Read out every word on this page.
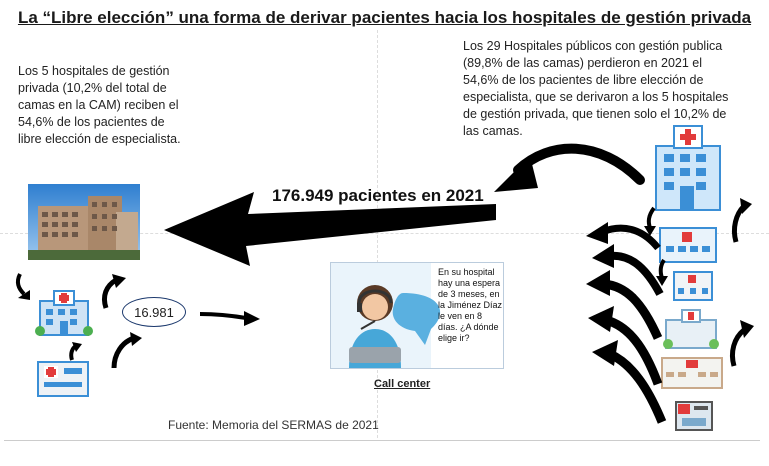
La “Libre elección” una forma de derivar pacientes hacia los hospitales de gestión privada
Los 5 hospitales de gestión privada (10,2% del total de camas en la CAM) reciben el 54,6% de los pacientes de libre elección de especialista.
Los 29 Hospitales públicos con gestión publica (89,8% de las camas) perdieron en 2021 el 54,6% de los pacientes de libre elección de especialista, que se derivaron a los 5 hospitales de gestión privada, que tienen solo el 10,2% de las camas.
176.949 pacientes en 2021
16.981
En su hospital hay una espera de 3 meses, en la Jiménez Díaz le ven en 8 días. ¿A dónde elige ir?
Call center
Fuente: Memoria del SERMAS de 2021
